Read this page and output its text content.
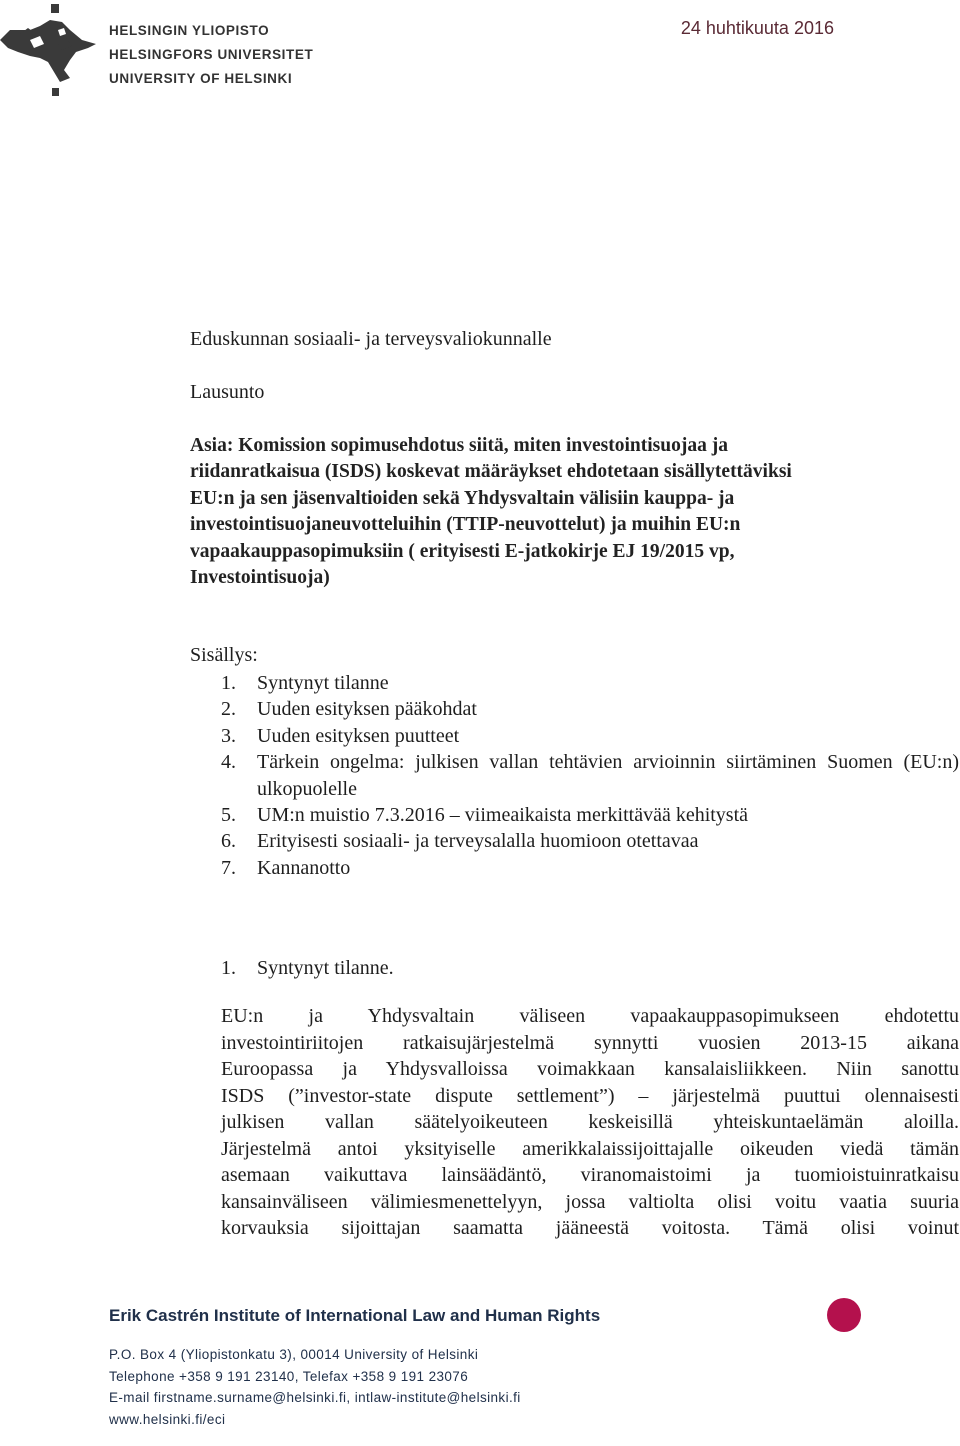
HELSINGIN YLIOPISTO
HELSINGFORS UNIVERSITET
UNIVERSITY OF HELSINKI
24 huhtikuuta 2016
Eduskunnan sosiaali- ja terveysvaliokunnalle
Lausunto
Asia: Komission sopimusehdotus siitä, miten investointisuojaa ja
riidanratkaisua (ISDS) koskevat määräykset ehdotetaan sisällytettäviksi
EU:n ja sen jäsenvaltioiden sekä Yhdysvaltain välisiin kauppa- ja
investointisuojaneuvotteluihin (TTIP-neuvottelut) ja muihin EU:n
vapaakauppasopimuksiin ( erityisesti E-jatkokirje EJ 19/2015 vp,
Investointisuoja)
Sisällys:
1.	Syntynyt tilanne
2.	Uuden esityksen pääkohdat
3.	Uuden esityksen puutteet
4.	Tärkein ongelma: julkisen vallan tehtävien arvioinnin siirtäminen Suomen (EU:n) ulkopuolelle
5.	UM:n muistio 7.3.2016 – viimeaikaista merkittävää kehitystä
6.	Erityisesti sosiaali- ja terveysalalla huomioon otettavaa
7.	Kannanotto
1.	Syntynyt tilanne.
EU:n ja Yhdysvaltain väliseen vapaakauppasopimukseen ehdotettu
investointiriitojen ratkaisujärjestelmä synnytti vuosien 2013-15 aikana
Euroopassa ja Yhdysvalloissa voimakkaan kansalaisliikkeen. Niin sanottu
ISDS (”investor-state dispute settlement”) – järjestelmä puuttui olennaisesti
julkisen vallan säätelyoikeuteen keskeisillä yhteiskuntaelämän aloilla.
Järjestelmä antoi yksityiselle amerikkalaissijoittajalle oikeuden viedä tämän
asemaan vaikuttava lainsäädäntö, viranomaistoimi ja tuomioistuinratkaisu
kansainväliseen välimiesmenettelyyn, jossa valtiolta olisi voitu vaatia suuria
korvauksia sijoittajan saamatta jääneestä voitosta. Tämä olisi voinut
Erik Castrén Institute of International Law and Human Rights
P.O. Box 4 (Yliopistonkatu 3), 00014 University of Helsinki
Telephone +358 9 191 23140, Telefax +358 9 191 23076
E-mail firstname.surname@helsinki.fi, intlaw-institute@helsinki.fi
www.helsinki.fi/eci
